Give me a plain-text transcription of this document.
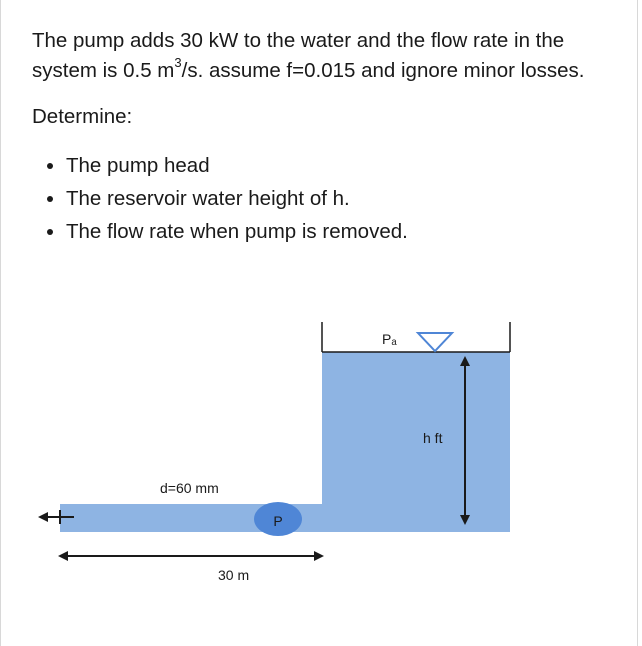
The pump adds 30 kW to the water and the flow rate in the

system is 0.5 $m^3/s$. assume f=0.015 and ignore minor losses.

Determine:

• The pump head
• The reservoir water height of h.
• The flow rate when pump is removed.
P
Pₐ
h ft
d=60 mm
30 m
